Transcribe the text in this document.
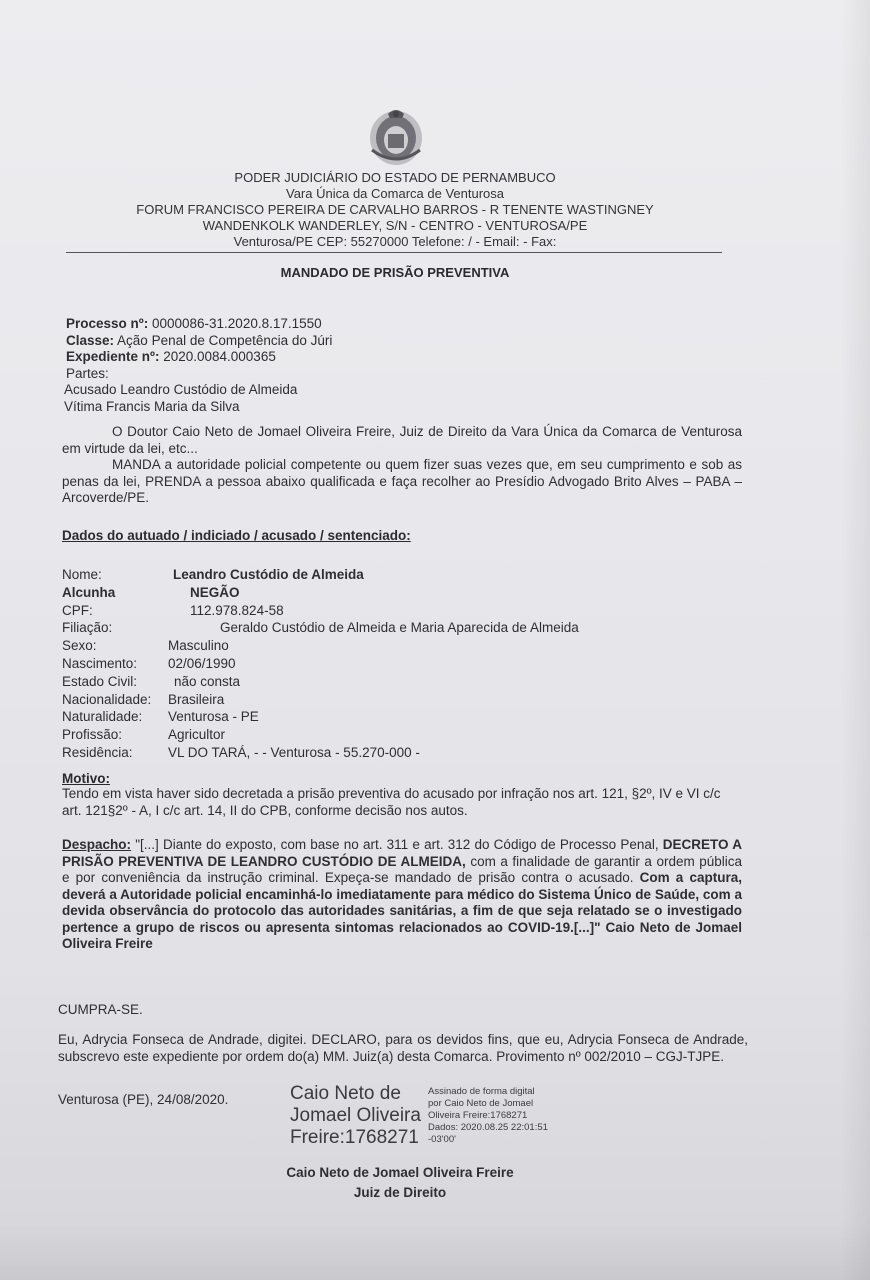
PODER JUDICIÁRIO DO ESTADO DE PERNAMBUCO
Vara Única da Comarca de Venturosa
FORUM FRANCISCO PEREIRA DE CARVALHO BARROS - R TENENTE WASTINGNEY
WANDENKOLK WANDERLEY, S/N - CENTRO - VENTUROSA/PE
Venturosa/PE CEP: 55270000 Telefone: / - Email: - Fax:
MANDADO DE PRISÃO PREVENTIVA
Processo nº: 0000086-31.2020.8.17.1550
Classe: Ação Penal de Competência do Júri
Expediente nº: 2020.0084.000365
Partes:
Acusado Leandro Custódio de Almeida
Vítima Francis Maria da Silva

O Doutor Caio Neto de Jomael Oliveira Freire, Juiz de Direito da Vara Única da Comarca de Venturosa em virtude da lei, etc...

MANDA a autoridade policial competente ou quem fizer suas vezes que, em seu cumprimento e sob as penas da lei, PRENDA a pessoa abaixo qualificada e faça recolher ao Presídio Advogado Brito Alves – PABA – Arcoverde/PE.

Dados do autuado / indiciado / acusado / sentenciado:
Nome:	Leandro Custódio de Almeida
Alcunha	NEGÃO
CPF:	112.978.824-58
Filiação:	Geraldo Custódio de Almeida e Maria Aparecida de Almeida
Sexo:	Masculino
Nascimento: 02/06/1990
Estado Civil:	não consta
Nacionalidade: Brasileira
Naturalidade: Venturosa - PE
Profissão:	Agricultor
Residência:	VL DO TARÁ, - - Venturosa - 55.270-000 -
Motivo:
Tendo em vista haver sido decretada a prisão preventiva do acusado por infração nos art. 121, §2º, IV e VI c/c art. 121§2º - A, I c/c art. 14, II do CPB, conforme decisão nos autos.
Despacho: "[...] Diante do exposto, com base no art. 311 e art. 312 do Código de Processo Penal, DECRETO A PRISÃO PREVENTIVA DE LEANDRO CUSTÓDIO DE ALMEIDA, com a finalidade de garantir a ordem pública e por conveniência da instrução criminal. Expeça-se mandado de prisão contra o acusado. Com a captura, deverá a Autoridade policial encaminhá-lo imediatamente para médico do Sistema Único de Saúde, com a devida observância do protocolo das autoridades sanitárias, a fim de que seja relatado se o investigado pertence a grupo de riscos ou apresenta sintomas relacionados ao COVID-19.[...]" Caio Neto de Jomael Oliveira Freire
CUMPRA-SE.
Eu, Adrycia Fonseca de Andrade, digitei. DECLARO, para os devidos fins, que eu, Adrycia Fonseca de Andrade, subscrevo este expediente por ordem do(a) MM. Juiz(a) desta Comarca. Provimento nº 002/2010 – CGJ-TJPE.
Venturosa (PE), 24/08/2020.	Caio Neto de
Jomael Oliveira
Freire:1768271
Assinado de forma digital
por Caio Neto de Jomael
Oliveira Freire:1768271
Dados: 2020.08.25 22:01:51
-03'00'
Caio Neto de Jomael Oliveira Freire
Juiz de Direito
